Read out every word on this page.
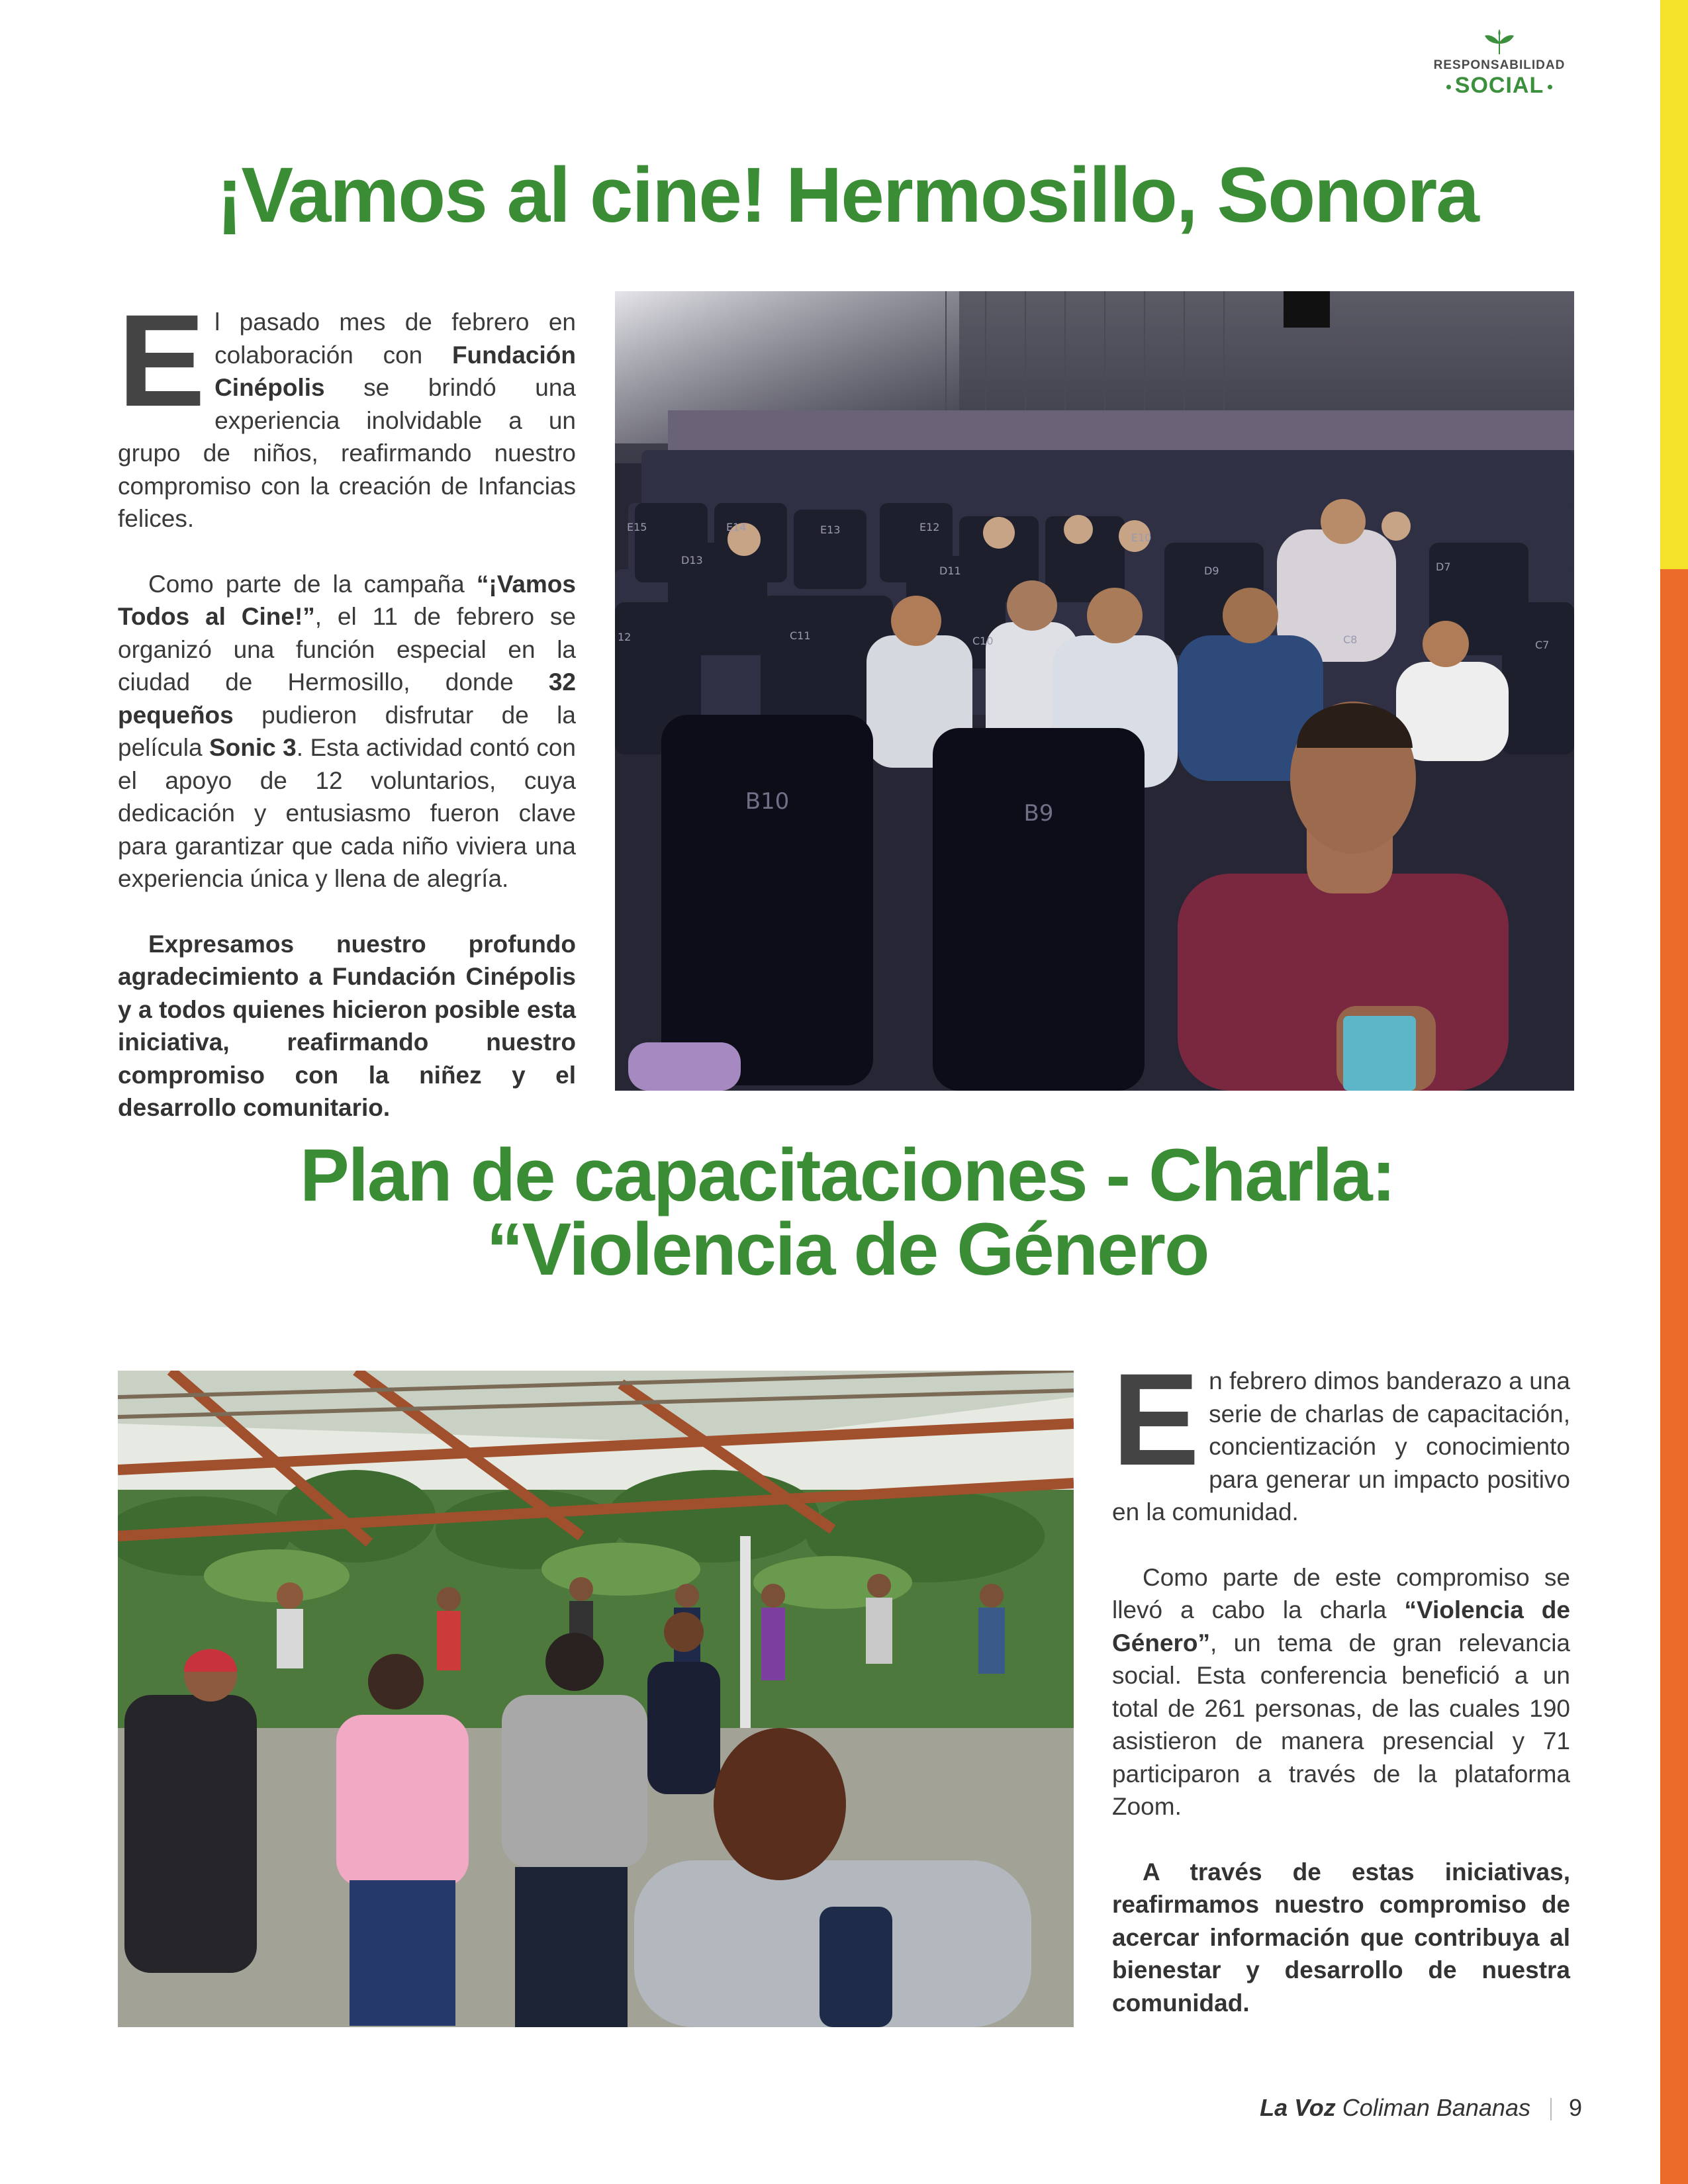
RESPONSABILIDAD
SOCIAL
¡Vamos al cine! Hermosillo, Sonora

El pasado mes de febrero en colaboración con Fundación Cinépolis se brindó una experiencia inolvidable a un grupo de niños, reafirmando nuestro compromiso con la creación de Infancias felices.

Como parte de la campaña “¡Vamos Todos al Cine!”, el 11 de febrero se organizó una función especial en la ciudad de Hermosillo, donde 32 pequeños pudieron disfrutar de la película Sonic 3. Esta actividad contó con el apoyo de 12 voluntarios, cuya dedicación y entusiasmo fueron clave para garantizar que cada niño viviera una experiencia única y llena de alegría.

Expresamos nuestro profundo agradecimiento a Fundación Cinépolis y a todos quienes hicieron posible esta iniciativa, reafirmando nuestro compromiso con la niñez y el desarrollo comunitario.

B10	B9
E15	E14	E13	E12
E10
D13
D11	D9	D7
12	C11	C10	C8	C7
Plan de capacitaciones - Charla:
“Violencia de Género

En febrero dimos banderazo a una serie de charlas de capacitación, concientización y conocimiento para generar un impacto positivo en la comunidad.

Como parte de este compromiso se llevó a cabo la charla “Violencia de Género”, un tema de gran relevancia social. Esta conferencia benefició a un total de 261 personas, de las cuales 190 asistieron de manera presencial y 71 participaron a través de la plataforma Zoom.

A través de estas iniciativas, reafirmamos nuestro compromiso de acercar información que contribuya al bienestar y desarrollo de nuestra comunidad.

La Voz Coliman Bananas 9
